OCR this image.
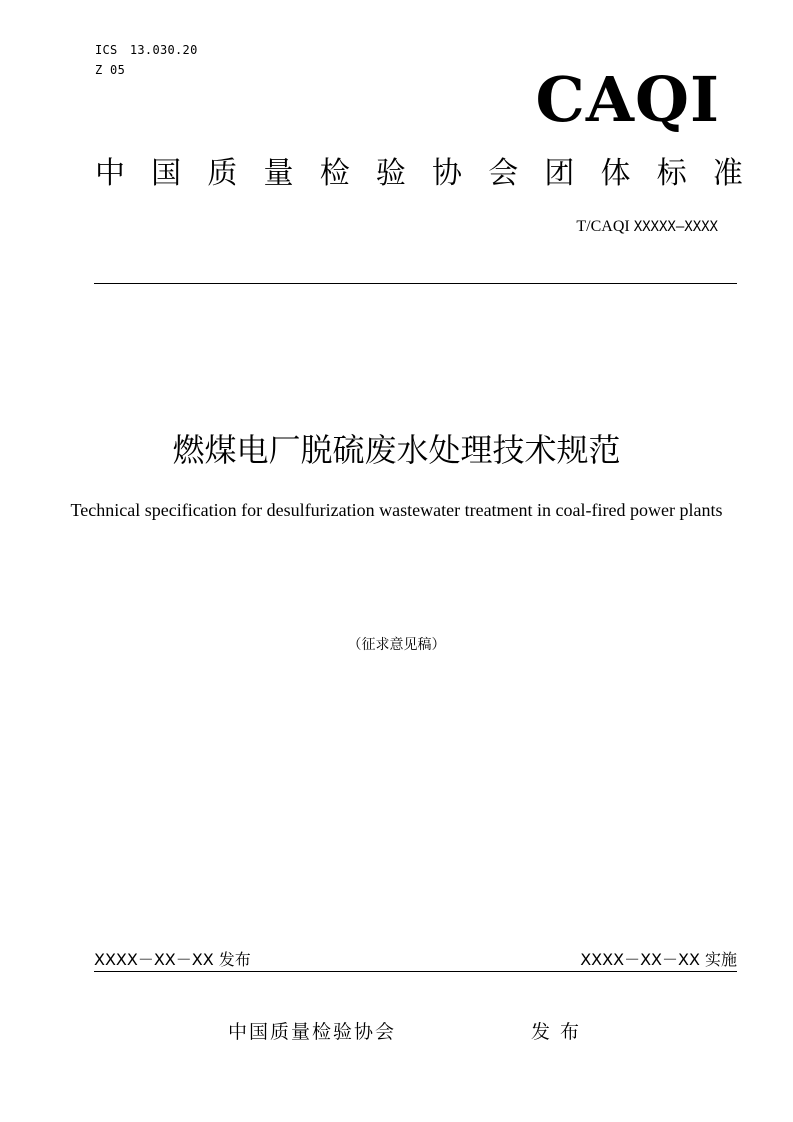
ICS　13.030.20
Z 05	CAQI
中 国 质 量 检 验 协 会 团 体 标 准
T/CAQI XXXXX—XXXX
燃煤电厂脱硫废水处理技术规范
Technical specification for desulfurization wastewater treatment in coal-fired power plants
（征求意见稿）
XXXX－XX－XX 发布	XXXX－XX－XX 实施
中国质量检验协会	发布
